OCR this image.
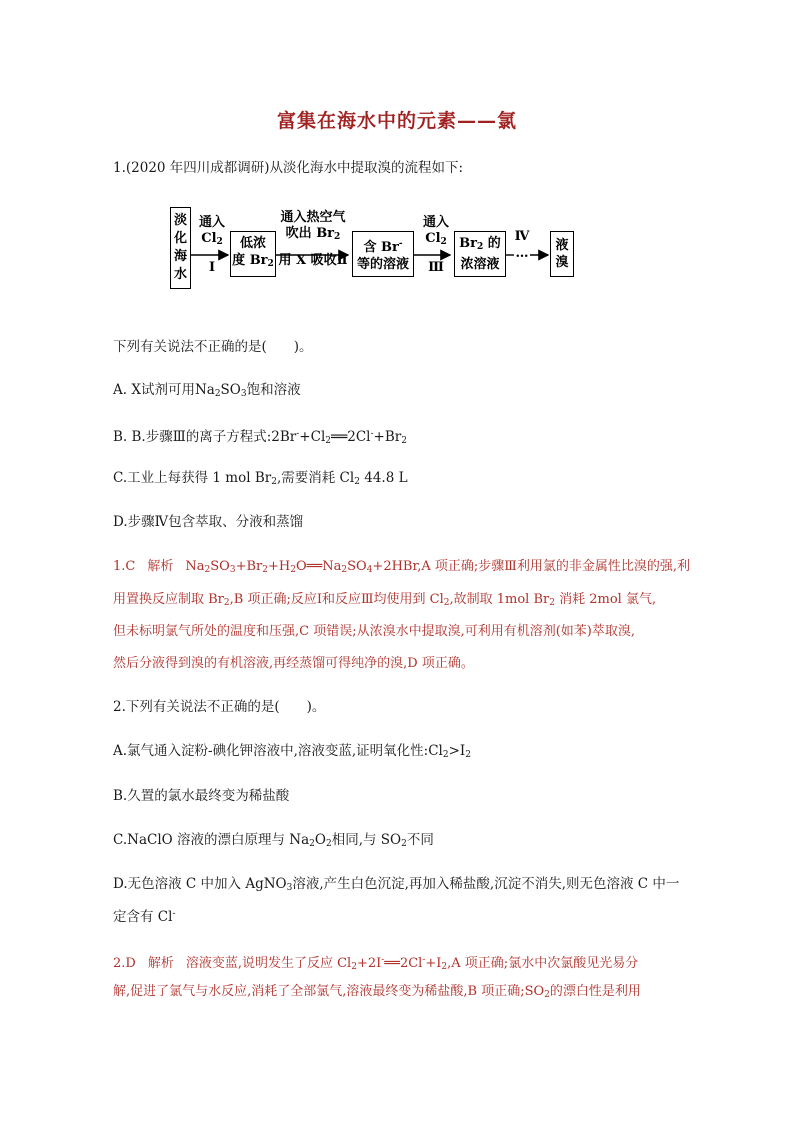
富集在海水中的元素——氯
1.(2020 年四川成都调研)从淡化海水中提取溴的流程如下:
淡
化
海
水
通入
$Cl_2$
Ⅰ
低浓
度 $Br_2$
通入热空气
吹出 $Br_2$
用 X 吸收Ⅱ
含 Br-
等的溶液
通入
$Cl_2$
Ⅲ
$Br_2$ 的
浓溶液
Ⅳ
…
液
溴
下列有关说法不正确的是(　　)。
A. X试剂可用$Na_2SO_3$饱和溶液
B. B.步骤Ⅲ的离子方程式$:2Br^-+Cl_2══2Cl^-+Br_2$
C.工业上每获得 1 mol $Br_2$,需要消耗 $Cl_2$ 44.8 L
D.步骤Ⅳ包含萃取、分液和蒸馏
1.C 解析 $Na_2SO_3+Br_2+H_2O══Na_2SO_4+2HBr,A$ 项正确;步骤Ⅲ利用氯的非金属性比溴的强,利
用置换反应制取 $Br_2,B$ 项正确;反应Ⅰ和反应Ⅲ均使用到 $Cl_2$,故制取 1mol $Br_2$ 消耗 2mol 氯气,
但未标明氯气所处的温度和压强,C 项错误;从浓溴水中提取溴,可利用有机溶剂(如苯)萃取溴,
然后分液得到溴的有机溶液,再经蒸馏可得纯净的溴,D 项正确。
2.下列有关说法不正确的是(　　)。
A.氯气通入淀粉-碘化钾溶液中,溶液变蓝,证明氧化性$:Cl_2>I_2$
B.久置的氯水最终变为稀盐酸
C.NaClO 溶液的漂白原理与 $Na_2O_2$相同,与 $SO_2$不同
D.无色溶液 C 中加入 AgNO$_3$溶液,产生白色沉淀,再加入稀盐酸,沉淀不消失,则无色溶液 C 中一
定含有 Cl-
2.D 解析 溶液变蓝,说明发生了反应 $Cl_2+2I^-══2Cl^-+I_2,A$ 项正确;氯水中次氯酸见光易分
解,促进了氯气与水反应,消耗了全部氯气,溶液最终变为稀盐酸,B 项正确$;SO_2$的漂白性是利用
